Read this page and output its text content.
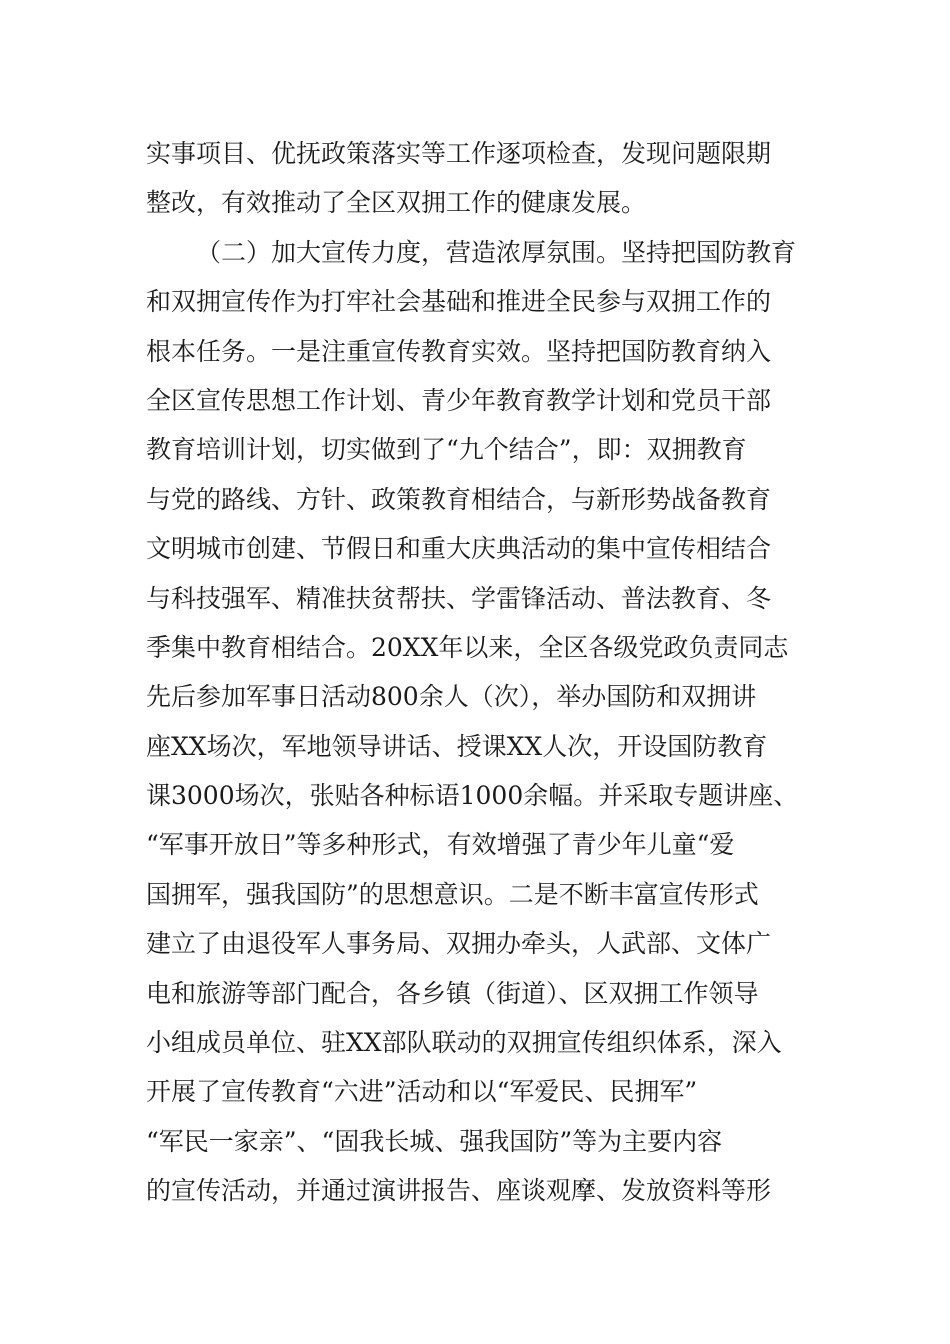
实事项目、优抚政策落实等工作逐项检查，发现问题限期
整改，有效推动了全区双拥工作的健康发展。
（二）加大宣传力度，营造浓厚氛围。坚持把国防教育
和双拥宣传作为打牢社会基础和推进全民参与双拥工作的
根本任务。一是注重宣传教育实效。坚持把国防教育纳入
全区宣传思想工作计划、青少年教育教学计划和党员干部
教育培训计划，切实做到了“九个结合”，即：双拥教育
与党的路线、方针、政策教育相结合，与新形势战备教育
文明城市创建、节假日和重大庆典活动的集中宣传相结合
与科技强军、精准扶贫帮扶、学雷锋活动、普法教育、冬
季集中教育相结合。20XX年以来，全区各级党政负责同志
先后参加军事日活动800余人（次），举办国防和双拥讲
座XX场次，军地领导讲话、授课XX人次，开设国防教育
课3000场次，张贴各种标语1000余幅。并采取专题讲座、
“军事开放日”等多种形式，有效增强了青少年儿童“爱
国拥军，强我国防”的思想意识。二是不断丰富宣传形式
建立了由退役军人事务局、双拥办牵头，人武部、文体广
电和旅游等部门配合，各乡镇（街道）、区双拥工作领导
小组成员单位、驻XX部队联动的双拥宣传组织体系，深入
开展了宣传教育“六进”活动和以“军爱民、民拥军”
“军民一家亲”、“固我长城、强我国防”等为主要内容
的宣传活动，并通过演讲报告、座谈观摩、发放资料等形
